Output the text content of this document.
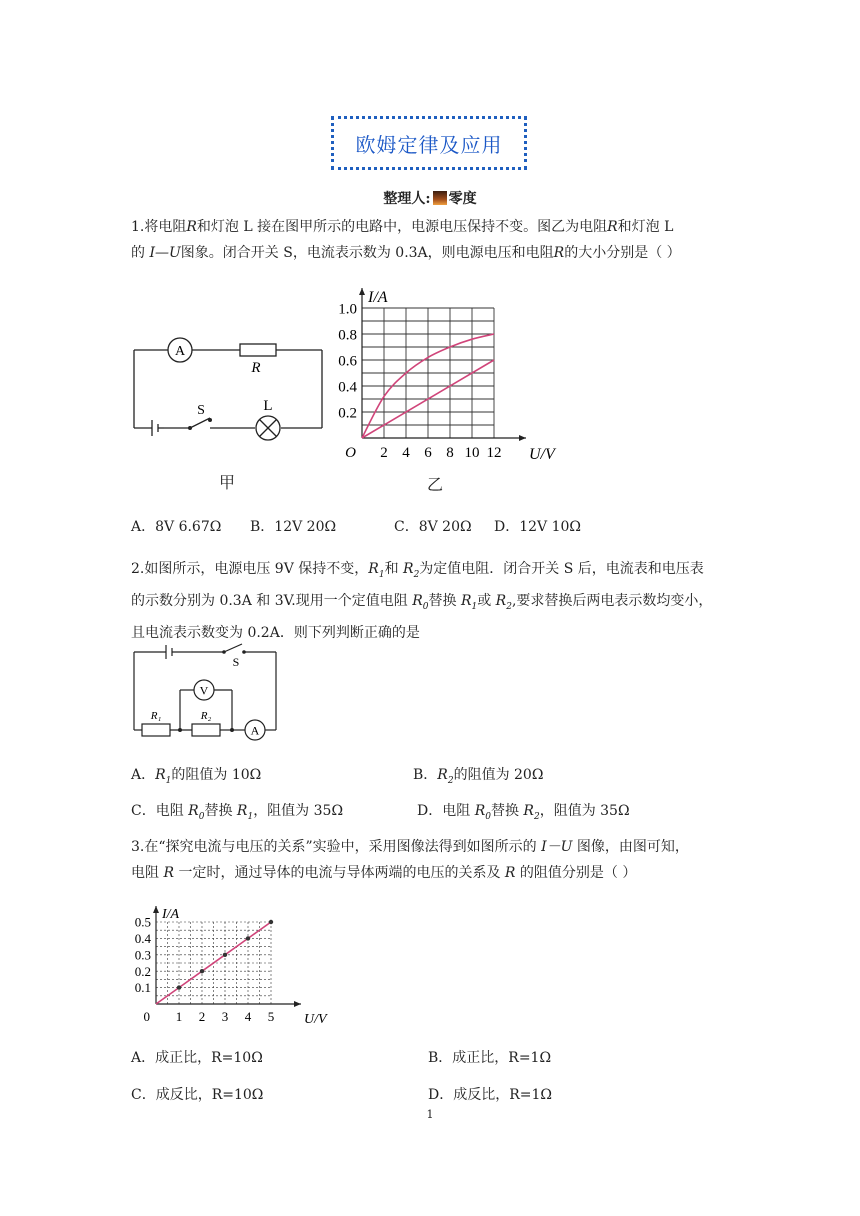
欧姆定律及应用
整理人: 零度
1.将电阻R和灯泡 L 接在图甲所示的电路中，电源电压保持不变。图乙为电阻R和灯泡 L
的 I—U图象。闭合开关 S，电流表示数为 0.3A，则电源电压和电阻R的大小分别是（ ）
A
R
S	L
甲
2 4 6 8 10 12
0.2
0.4
0.6
0.8
1.0
O	U/V
I/A
乙
A．8V 6.67Ω B．12V 20Ω	C．8V 20Ω D．12V 10Ω
2.如图所示，电源电压 9V 保持不变，$R_1$和 $R_2$为定值电阻．闭合开关 S 后，电流表和电压表
的示数分别为 0.3A 和 3V.现用一个定值电阻 $R_0$替换 $R_1$或 $R_2$,要求替换后两电表示数均变小，
且电流表示数变为 0.2A．则下列判断正确的是
S
V
A
R₁	R₂
A．$R_1$的阻值为 10Ω	B．$R_2$的阻值为 20Ω
C．电阻 $R_0$替换 $R_1$，阻值为 35Ω	D．电阻 $R_0$替换 $R_2$，阻值为 35Ω
3.在“探究电流与电压的关系”实验中，采用图像法得到如图所示的 I－U 图像，由图可知，
电阻 R 一定时，通过导体的电流与导体两端的电压的关系及 R 的阻值分别是（ ）
1 2 3 4 5
0.1
0.2
0.3
0.4
0.5
0	U/V
I/A
A．成正比，R=10Ω	B．成正比，R=1Ω
C．成反比，R=10Ω	D．成反比，R=1Ω
1
